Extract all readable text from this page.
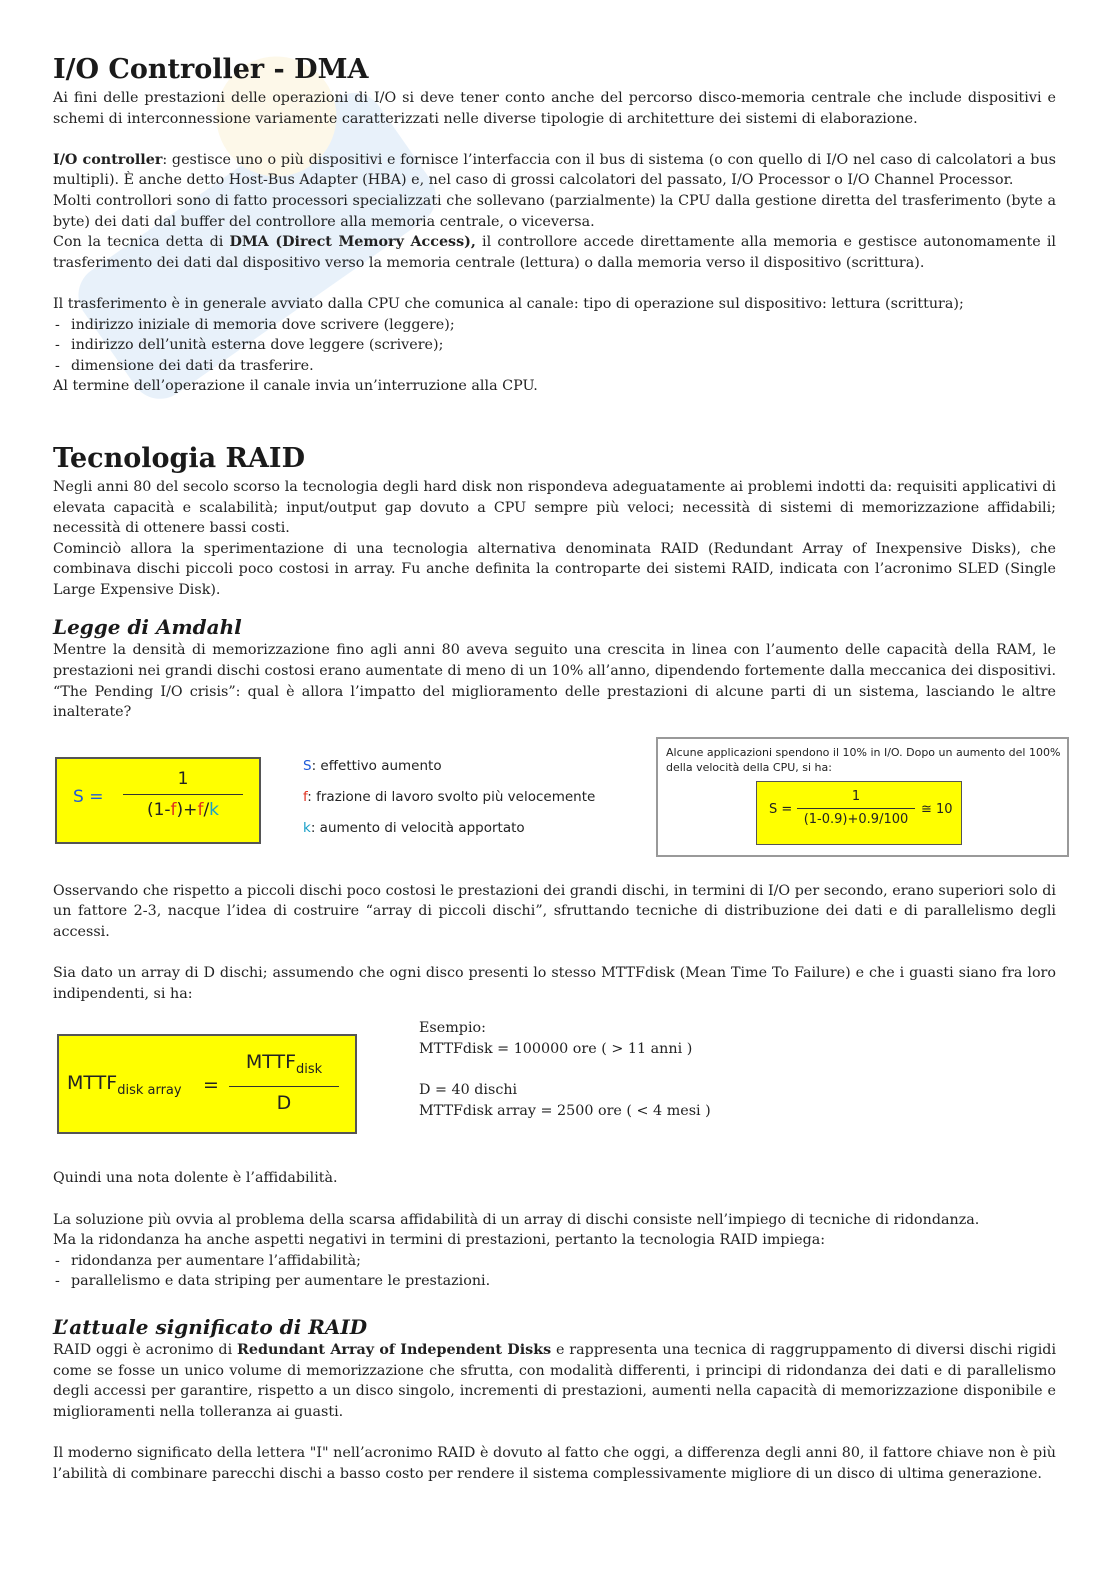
I/O Controller - DMA

Ai fini delle prestazioni delle operazioni di I/O si deve tener conto anche del percorso disco-memoria centrale che include dispositivi e schemi di interconnessione variamente caratterizzati nelle diverse tipologie di architetture dei sistemi di elaborazione.

I/O controller: gestisce uno o più dispositivi e fornisce l’interfaccia con il bus di sistema (o con quello di I/O nel caso di calcolatori a bus multipli). È anche detto Host-Bus Adapter (HBA) e, nel caso di grossi calcolatori del passato, I/O Processor o I/O Channel Processor.

Molti controllori sono di fatto processori specializzati che sollevano (parzialmente) la CPU dalla gestione diretta del trasferimento (byte a byte) dei dati dal buffer del controllore alla memoria centrale, o viceversa.

Con la tecnica detta di DMA (Direct Memory Access), il controllore accede direttamente alla memoria e gestisce autonomamente il trasferimento dei dati dal dispositivo verso la memoria centrale (lettura) o dalla memoria verso il dispositivo (scrittura).

Il trasferimento è in generale avviato dalla CPU che comunica al canale: tipo di operazione sul dispositivo: lettura (scrittura);

- indirizzo iniziale di memoria dove scrivere (leggere);
- indirizzo dell’unità esterna dove leggere (scrivere);
- dimensione dei dati da trasferire.

Al termine dell’operazione il canale invia un’interruzione alla CPU.

Tecnologia RAID

Negli anni 80 del secolo scorso la tecnologia degli hard disk non rispondeva adeguatamente ai problemi indotti da: requisiti applicativi di elevata capacità e scalabilità; input/output gap dovuto a CPU sempre più veloci; necessità di sistemi di memorizzazione affidabili; necessità di ottenere bassi costi.

Cominciò allora la sperimentazione di una tecnologia alternativa denominata RAID (Redundant Array of Inexpensive Disks), che combinava dischi piccoli poco costosi in array. Fu anche definita la controparte dei sistemi RAID, indicata con l’acronimo SLED (Single Large Expensive Disk).

Legge di Amdahl

Mentre la densità di memorizzazione fino agli anni 80 aveva seguito una crescita in linea con l’aumento delle capacità della RAM, le prestazioni nei grandi dischi costosi erano aumentate di meno di un 10% all’anno, dipendendo fortemente dalla meccanica dei dispositivi. “The Pending I/O crisis”: qual è allora l’impatto del miglioramento delle prestazioni di alcune parti di un sistema, lasciando le altre inalterate?

S =
1
(1-f)+f/k
S: effettivo aumento
f: frazione di lavoro svolto più velocemente
k: aumento di velocità apportato
Alcune applicazioni spendono il 10% in I/O. Dopo un aumento del 100% della velocità della CPU, si ha:
S =
1
(1-0.9)+0.9/100
≅ 10

Osservando che rispetto a piccoli dischi poco costosi le prestazioni dei grandi dischi, in termini di I/O per secondo, erano superiori solo di un fattore 2-3, nacque l’idea di costruire “array di piccoli dischi”, sfruttando tecniche di distribuzione dei dati e di parallelismo degli accessi.

Sia dato un array di D dischi; assumendo che ogni disco presenti lo stesso MTTFdisk (Mean Time To Failure) e che i guasti siano fra loro indipendenti, si ha:

$MTTF_{disk array}$ =
$MTTF_{disk}$
D

Esempio:

MTTFdisk = 100000 ore ( > 11 anni )

D = 40 dischi

MTTFdisk array = 2500 ore ( < 4 mesi )

Quindi una nota dolente è l’affidabilità.

La soluzione più ovvia al problema della scarsa affidabilità di un array di dischi consiste nell’impiego di tecniche di ridondanza.

Ma la ridondanza ha anche aspetti negativi in termini di prestazioni, pertanto la tecnologia RAID impiega:

- ridondanza per aumentare l’affidabilità;
- parallelismo e data striping per aumentare le prestazioni.
L’attuale significato di RAID

RAID oggi è acronimo di Redundant Array of Independent Disks e rappresenta una tecnica di raggruppamento di diversi dischi rigidi come se fosse un unico volume di memorizzazione che sfrutta, con modalità differenti, i principi di ridondanza dei dati e di parallelismo degli accessi per garantire, rispetto a un disco singolo, incrementi di prestazioni, aumenti nella capacità di memorizzazione disponibile e miglioramenti nella tolleranza ai guasti.

Il moderno significato della lettera "I" nell’acronimo RAID è dovuto al fatto che oggi, a differenza degli anni 80, il fattore chiave non è più l’abilità di combinare parecchi dischi a basso costo per rendere il sistema complessivamente migliore di un disco di ultima generazione.
